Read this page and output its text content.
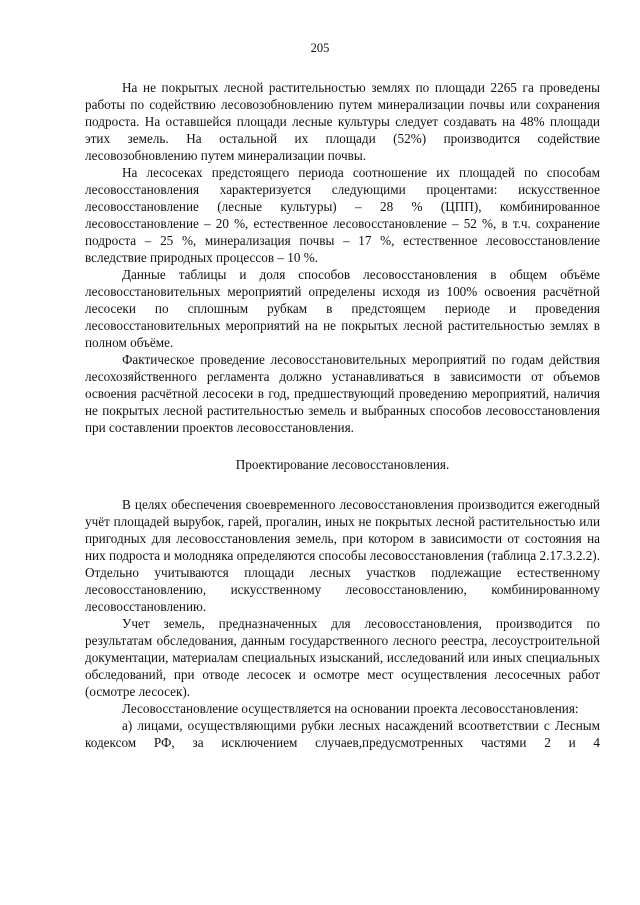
205

На не покрытых лесной растительностью землях по площади 2265 га проведены работы по содействию лесовозобновлению путем минерализации почвы или сохранения подроста. На оставшейся площади лесные культуры следует создавать на 48% площади этих земель. На остальной их площади (52%) производится содействие лесовозобновлению путем минерализации почвы.

На лесосеках предстоящего периода соотношение их площадей по способам лесовосстановления характеризуется следующими процентами: искусственное лесовосстановление (лесные культуры) – 28 % (ЦПП), комбинированное лесовосстановление – 20 %, естественное лесовосстановление – 52 %, в т.ч. сохранение подроста – 25 %, минерализация почвы – 17 %, естественное лесовосстановление вследствие природных процессов – 10 %.

Данные таблицы и доля способов лесовосстановления в общем объёме лесовосстановительных мероприятий определены исходя из 100% освоения расчётной лесосеки по сплошным рубкам в предстоящем периоде и проведения лесовосстановительных мероприятий на не покрытых лесной растительностью землях в полном объёме.

Фактическое проведение лесовосстановительных мероприятий по годам действия лесохозяйственного регламента должно устанавливаться в зависимости от объемов освоения расчётной лесосеки в год, предшествующий проведению мероприятий, наличия не покрытых лесной растительностью земель и выбранных способов лесовосстановления при составлении проектов лесовосстановления.

Проектирование лесовосстановления.

В целях обеспечения своевременного лесовосстановления производится ежегодный учёт площадей вырубок, гарей, прогалин, иных не покрытых лесной растительностью или пригодных для лесовосстановления земель, при котором в зависимости от состояния на них подроста и молодняка определяются способы лесовосстановления (таблица 2.17.3.2.2). Отдельно учитываются площади лесных участков подлежащие естественному лесовосстановлению, искусственному лесовосстановлению, комбинированному лесовосстановлению.

Учет земель, предназначенных для лесовосстановления, производится по результатам обследования, данным государственного лесного реестра, лесоустроительной документации, материалам специальных изысканий, исследований или иных специальных обследований, при отводе лесосек и осмотре мест осуществления лесосечных работ (осмотре лесосек).

Лесовосстановление осуществляется на основании проекта лесовосстановления:

а) лицами, осуществляющими рубки лесных насаждений всоответствии с Лесным кодексом РФ, за исключением случаев,предусмотренных частями 2 и 4
